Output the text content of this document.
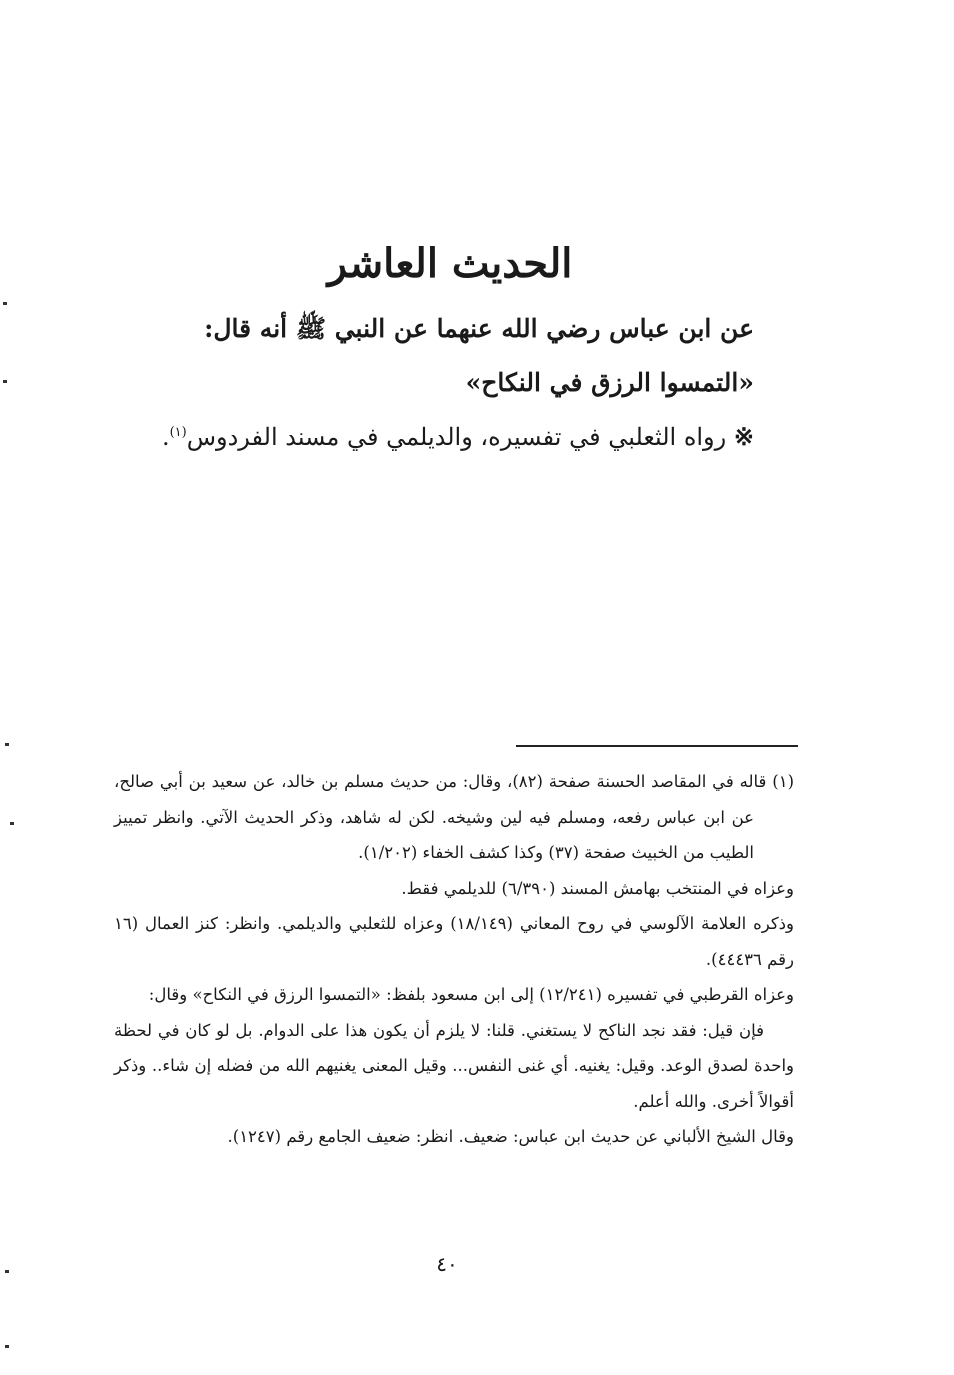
الحديث العاشر
عن ابن عباس رضي الله عنهما عن النبي ﷺ أنه قال:
«التمسوا الرزق في النكاح»
※ رواه الثعلبي في تفسيره، والديلمي في مسند الفردوس$^{(١)}$.

(١) قاله في المقاصد الحسنة صفحة (٨٢)، وقال: من حديث مسلم بن خالد، عن سعيد بن أبي صالح، عن ابن عباس رفعه، ومسلم فيه لين وشيخه. لكن له شاهد، وذكر الحديث الآتي. وانظر تمييز الطيب من الخبيث صفحة (٣٧) وكذا كشف الخفاء (١/٢٠٢).

وعزاه في المنتخب بهامش المسند (٦/٣٩٠) للديلمي فقط.

وذكره العلامة الآلوسي في روح المعاني (١٨/١٤٩) وعزاه للثعلبي والديلمي. وانظر: كنز العمال (١٦ رقم ٤٤٤٣٦).

وعزاه القرطبي في تفسيره (١٢/٢٤١) إلى ابن مسعود بلفظ: «التمسوا الرزق في النكاح» وقال:

فإن قيل: فقد نجد الناكح لا يستغني. قلنا: لا يلزم أن يكون هذا على الدوام. بل لو كان في لحظة واحدة لصدق الوعد. وقيل: يغنيه. أي غنى النفس... وقيل المعنى يغنيهم الله من فضله إن شاء.. وذكر أقوالاً أخرى. والله أعلم.

وقال الشيخ الألباني عن حديث ابن عباس: ضعيف. انظر: ضعيف الجامع رقم (١٢٤٧).

٤٠
